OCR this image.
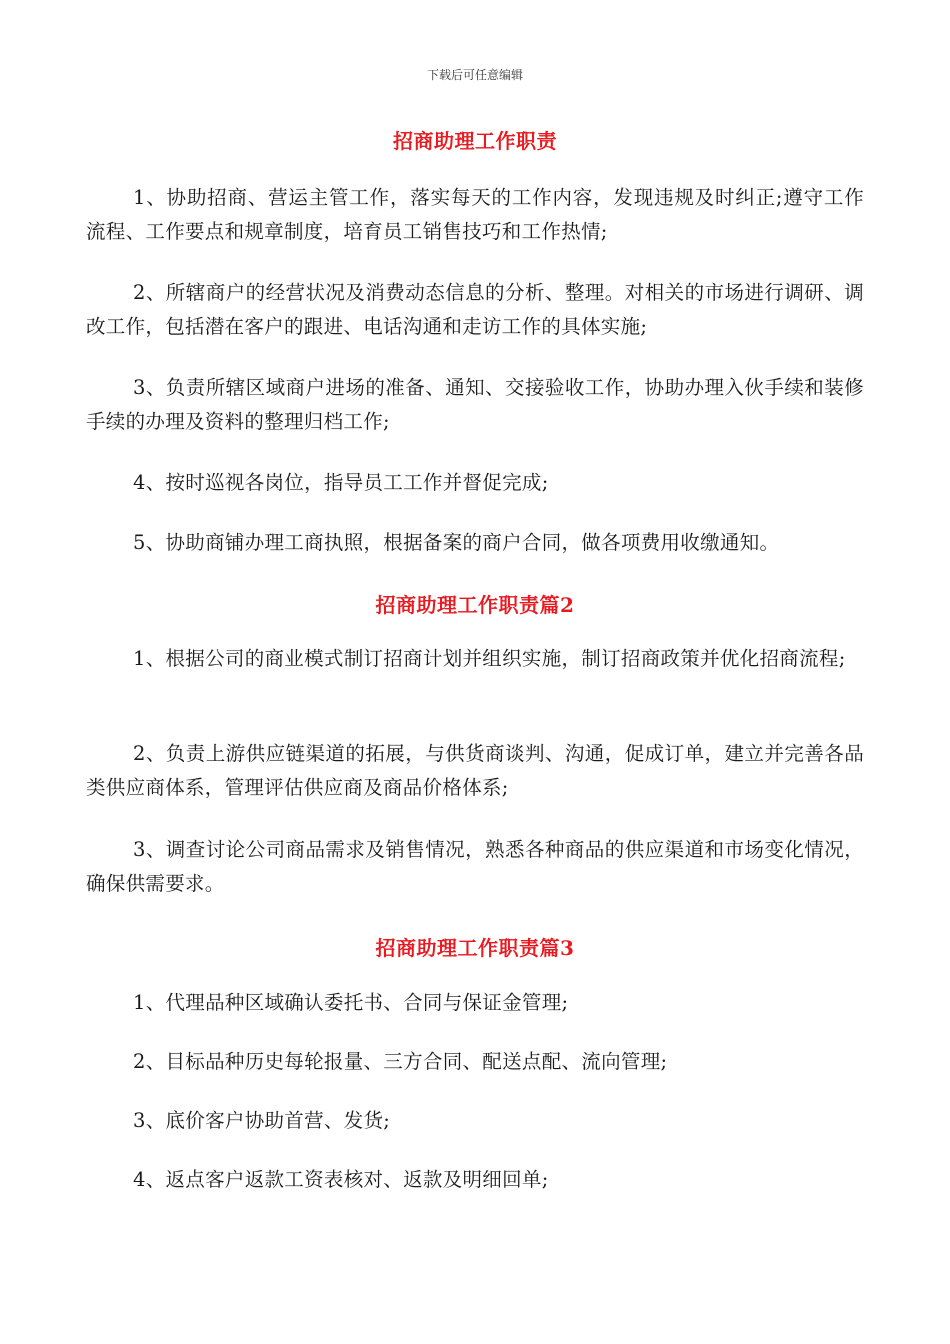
下载后可任意编辑
招商助理工作职责
1、协助招商、营运主管工作，落实每天的工作内容，发现违规及时纠正;遵守工作流程、工作要点和规章制度，培育员工销售技巧和工作热情;
2、所辖商户的经营状况及消费动态信息的分析、整理。对相关的市场进行调研、调改工作，包括潜在客户的跟进、电话沟通和走访工作的具体实施;
3、负责所辖区域商户进场的准备、通知、交接验收工作，协助办理入伙手续和装修手续的办理及资料的整理归档工作;
4、按时巡视各岗位，指导员工工作并督促完成;
5、协助商铺办理工商执照，根据备案的商户合同，做各项费用收缴通知。
招商助理工作职责篇2
1、根据公司的商业模式制订招商计划并组织实施，制订招商政策并优化招商流程;
2、负责上游供应链渠道的拓展，与供货商谈判、沟通，促成订单，建立并完善各品类供应商体系，管理评估供应商及商品价格体系;
3、调查讨论公司商品需求及销售情况，熟悉各种商品的供应渠道和市场变化情况，确保供需要求。
招商助理工作职责篇3
1、代理品种区域确认委托书、合同与保证金管理;
2、目标品种历史每轮报量、三方合同、配送点配、流向管理;
3、底价客户协助首营、发货;
4、返点客户返款工资表核对、返款及明细回单;
